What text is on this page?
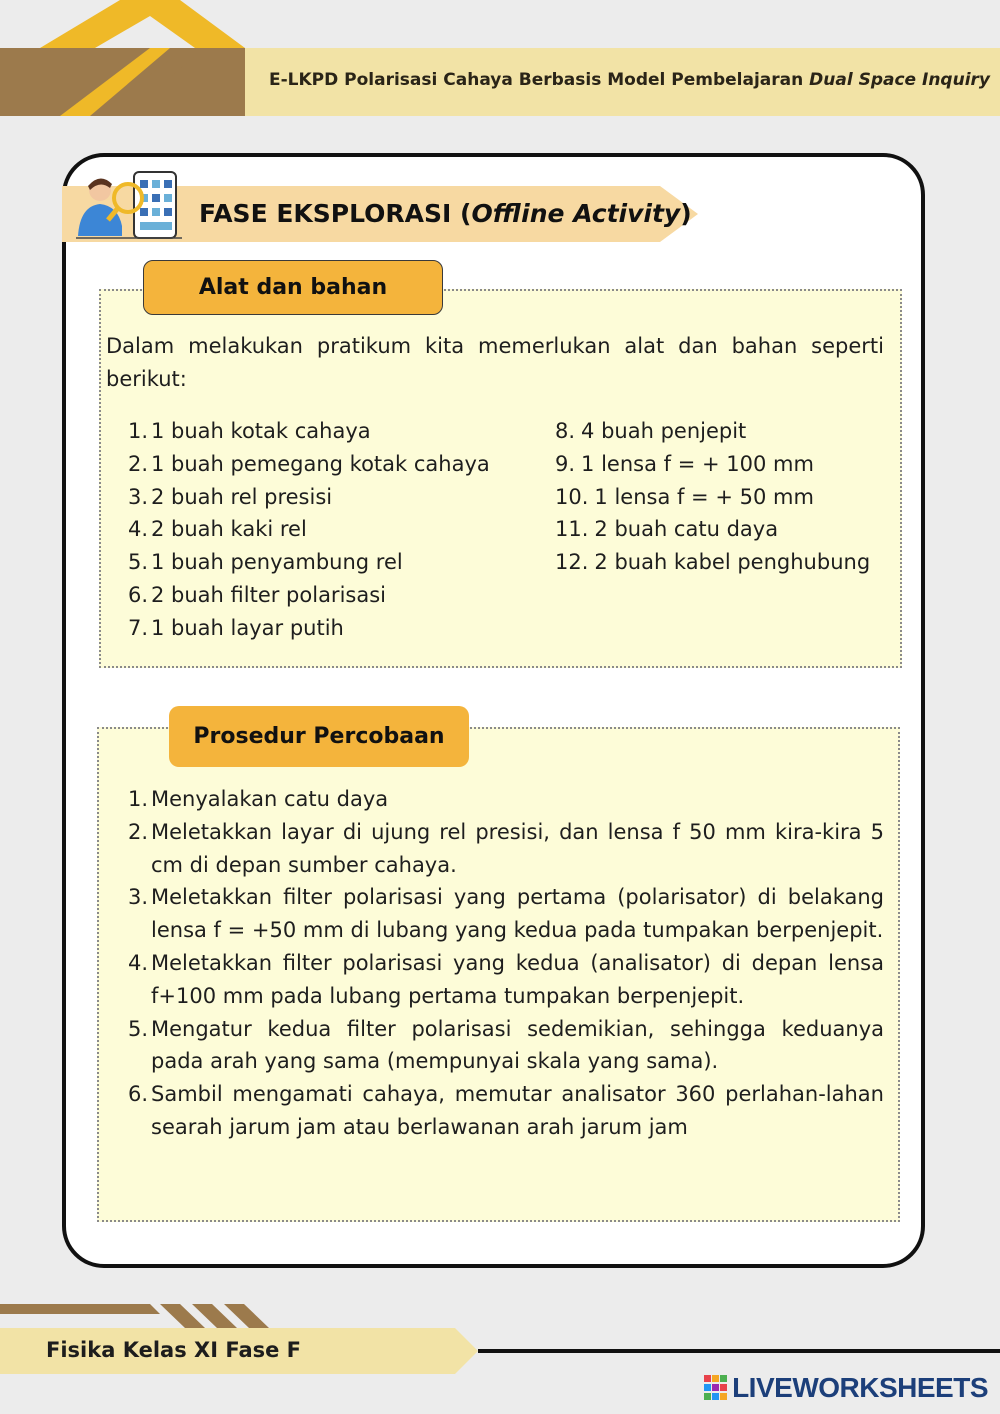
E-LKPD Polarisasi Cahaya Berbasis Model Pembelajaran Dual Space Inquiry
FASE EKSPLORASI (Offline Activity)
Alat dan bahan
Dalam melakukan pratikum kita memerlukan alat dan bahan seperti berikut:
1. 1 buah kotak cahaya
2. 1 buah pemegang kotak cahaya
3. 2 buah rel presisi
4. 2 buah kaki rel
5. 1 buah penyambung rel
6. 2 buah filter polarisasi
7. 1 buah layar putih
8. 4 buah penjepit
9. 1 lensa f = + 100 mm
10. 1 lensa f = + 50 mm
11. 2 buah catu daya
12. 2 buah kabel penghubung
Prosedur Percobaan
1. Menyalakan catu daya
2. Meletakkan layar di ujung rel presisi, dan lensa f 50 mm kira-kira 5 cm di depan sumber cahaya.
3. Meletakkan filter polarisasi yang pertama (polarisator) di belakang lensa f = +50 mm di lubang yang kedua pada tumpakan berpenjepit.
4. Meletakkan filter polarisasi yang kedua (analisator) di depan lensa f+100 mm pada lubang pertama tumpakan berpenjepit.
5. Mengatur kedua filter polarisasi sedemikian, sehingga keduanya pada arah yang sama (mempunyai skala yang sama).
6. Sambil mengamati cahaya, memutar analisator 360 perlahan-lahan searah jarum jam atau berlawanan arah jarum jam
Fisika Kelas XI Fase F
LIVEWORKSHEETS
